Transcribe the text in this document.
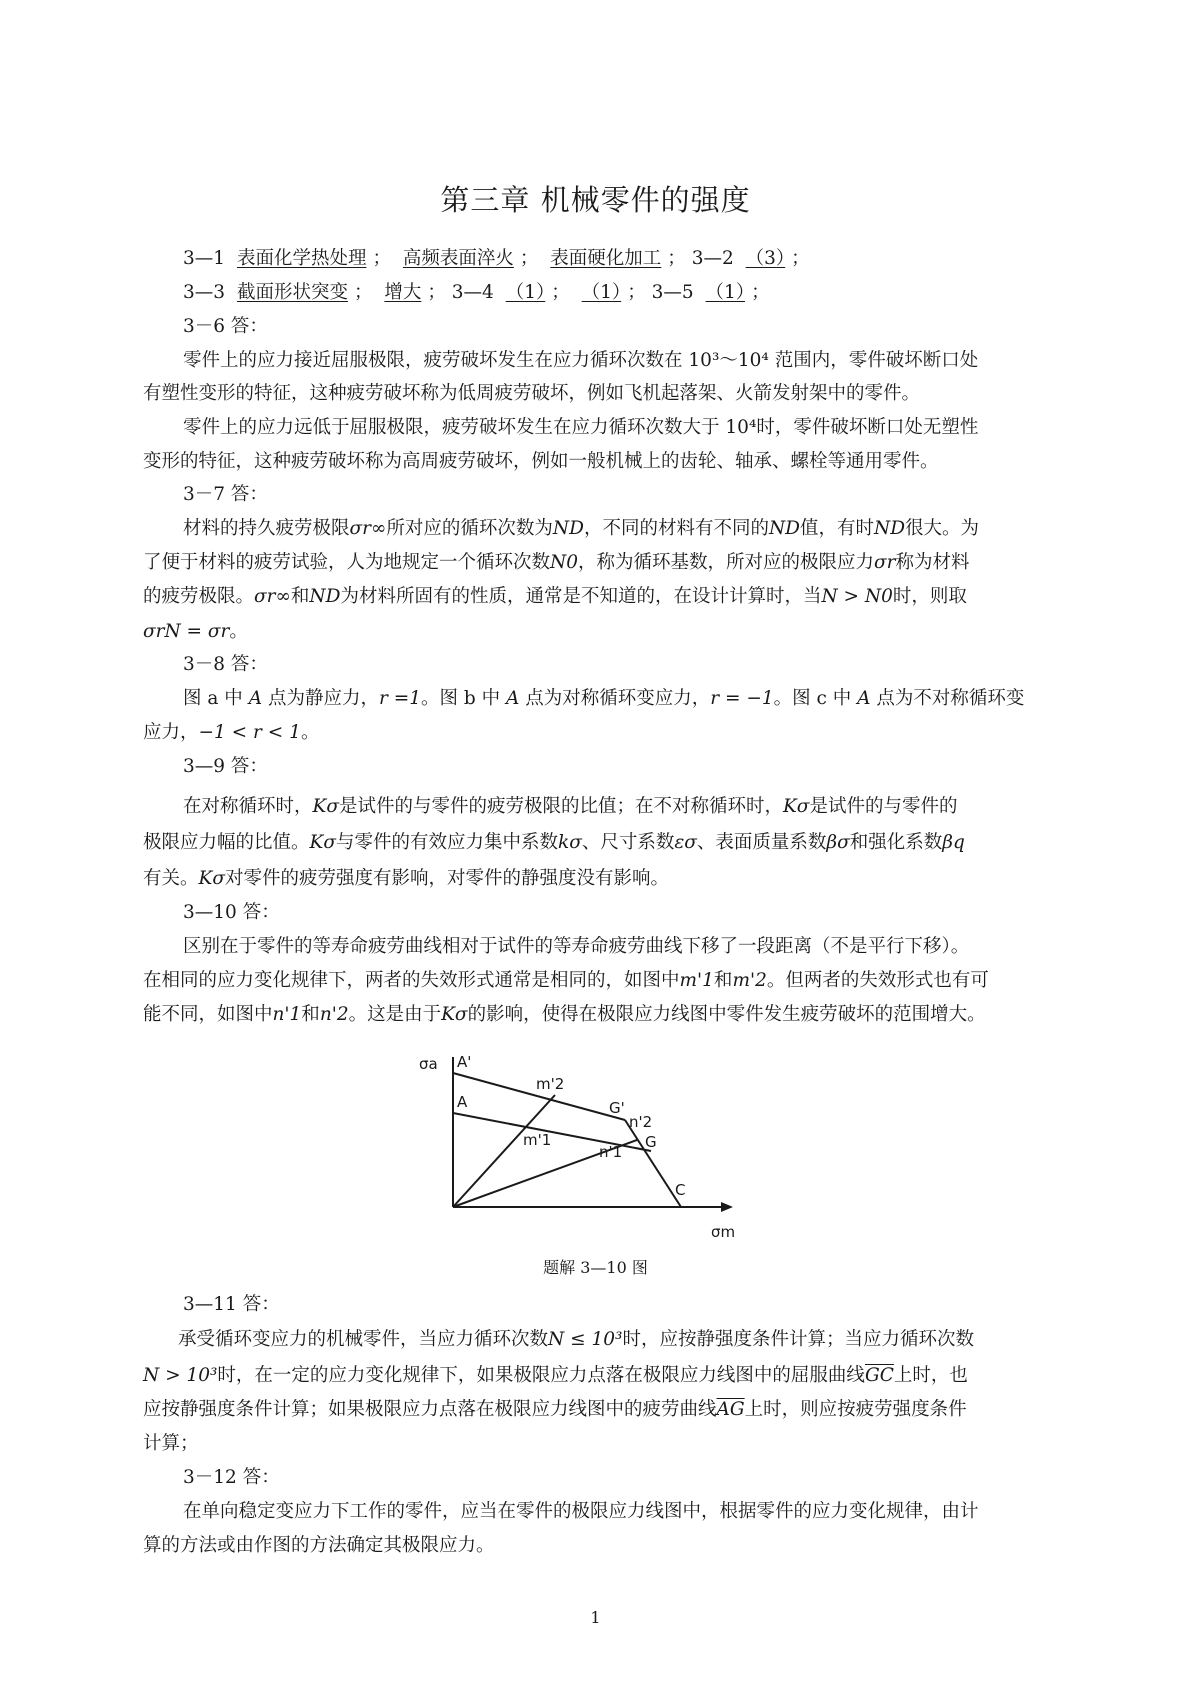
第三章 机械零件的强度
3—1 表面化学热处理 ； 高频表面淬火 ； 表面硬化加工 ； 3—2 （3） ；
3—3 截面形状突变 ； 增大 ； 3—4 （1） ； （1） ； 3—5 （1） ；
3－6 答：
零件上的应力接近屈服极限，疲劳破坏发生在应力循环次数在 10³～10⁴ 范围内，零件破坏断口处
有塑性变形的特征，这种疲劳破坏称为低周疲劳破坏，例如飞机起落架、火箭发射架中的零件。
零件上的应力远低于屈服极限，疲劳破坏发生在应力循环次数大于 10⁴时，零件破坏断口处无塑性
变形的特征，这种疲劳破坏称为高周疲劳破坏，例如一般机械上的齿轮、轴承、螺栓等通用零件。
3－7 答：
材料的持久疲劳极限σr∞所对应的循环次数为ND，不同的材料有不同的ND值，有时ND很大。为
了便于材料的疲劳试验，人为地规定一个循环次数N0，称为循环基数，所对应的极限应力σr称为材料
的疲劳极限。σr∞和ND为材料所固有的性质，通常是不知道的，在设计计算时，当N > N0时，则取
σrN = σr。
3－8 答：
图 a 中 A 点为静应力，r =1。图 b 中 A 点为对称循环变应力，r = −1。图 c 中 A 点为不对称循环变
应力，−1 < r < 1。
3—9 答：
在对称循环时，Kσ是试件的与零件的疲劳极限的比值；在不对称循环时，Kσ是试件的与零件的
极限应力幅的比值。Kσ与零件的有效应力集中系数kσ、尺寸系数εσ、表面质量系数βσ和强化系数βq
有关。Kσ对零件的疲劳强度有影响，对零件的静强度没有影响。
3—10 答：
区别在于零件的等寿命疲劳曲线相对于试件的等寿命疲劳曲线下移了一段距离（不是平行下移）。
在相同的应力变化规律下，两者的失效形式通常是相同的，如图中m'1和m'2。但两者的失效形式也有可
能不同，如图中n'1和n'2。这是由于Kσ的影响，使得在极限应力线图中零件发生疲劳破坏的范围增大。
σa A'
A
m'2
m'1
G'
n'2
G
n'1
C
σm
题解 3—10 图
3—11 答：
承受循环变应力的机械零件，当应力循环次数N ≤ 10³时，应按静强度条件计算；当应力循环次数
N > 10³时，在一定的应力变化规律下，如果极限应力点落在极限应力线图中的屈服曲线$\overline{GC}$上时，也
应按静强度条件计算；如果极限应力点落在极限应力线图中的疲劳曲线$\overline{AG}$上时，则应按疲劳强度条件
计算；
3－12 答：
在单向稳定变应力下工作的零件，应当在零件的极限应力线图中，根据零件的应力变化规律，由计
算的方法或由作图的方法确定其极限应力。
1
